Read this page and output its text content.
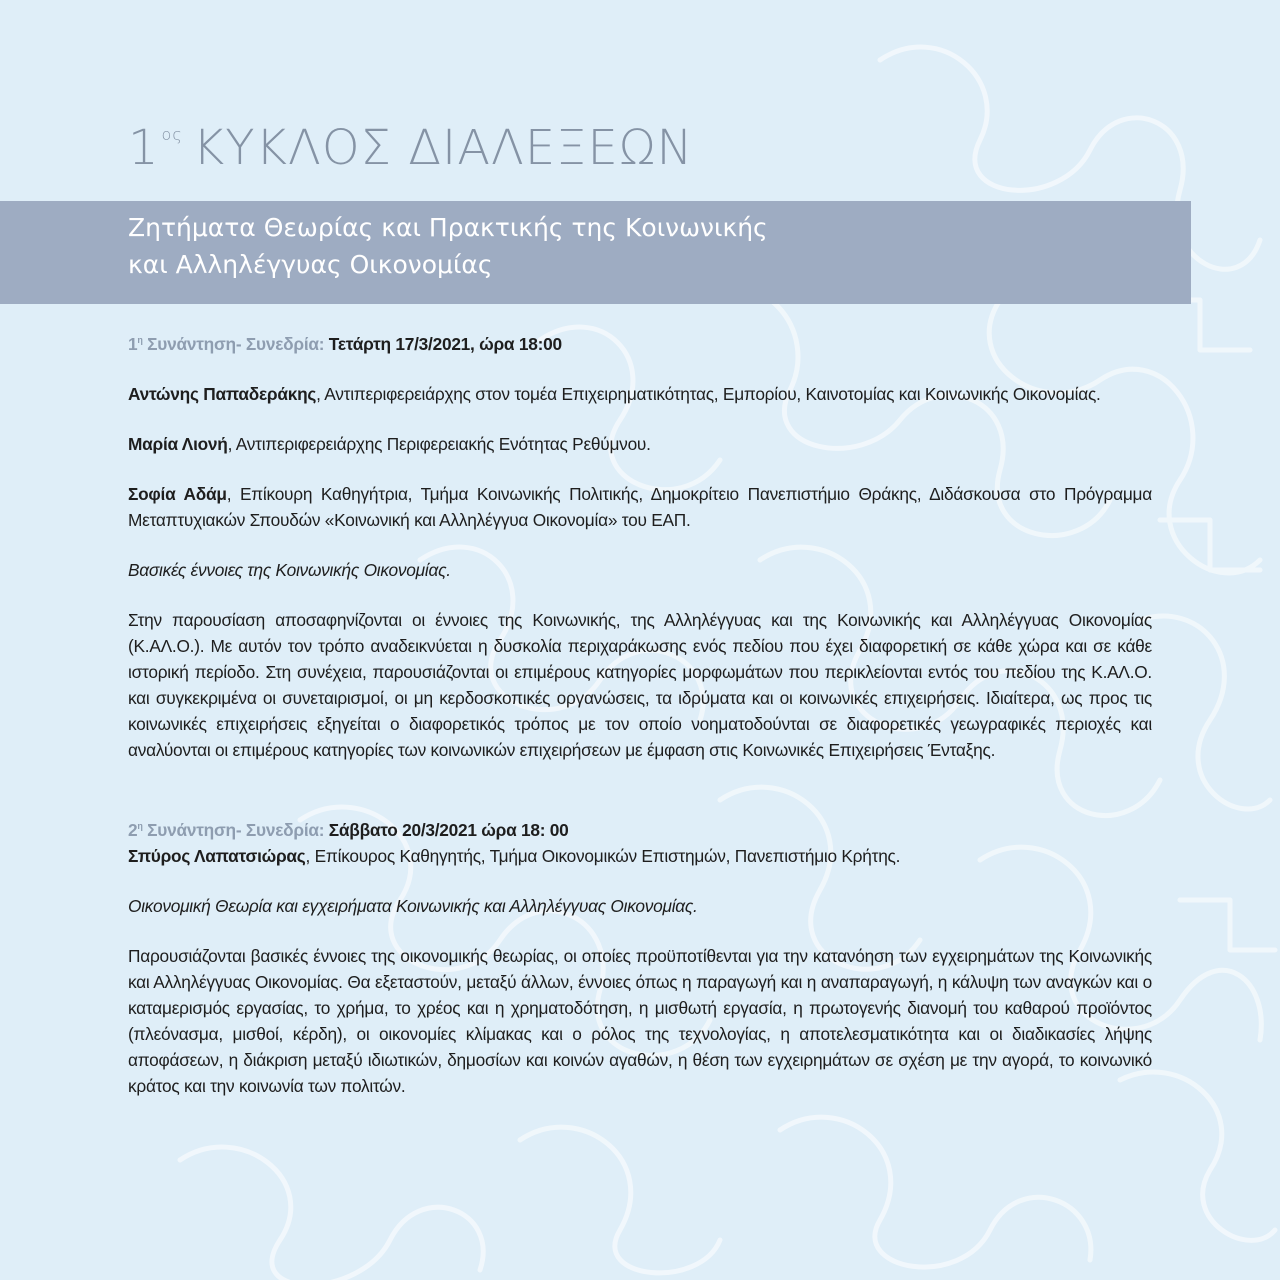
1 $^{o\varsigma}$ ΚΥΚΛΟΣ ΔΙΑΛΕΞΕΩΝ
Ζητήματα Θεωρίας και Πρακτικής της Κοινωνικής
και Αλληλέγγυας Οικονομίας

$1^\eta$ Συνάντηση- Συνεδρία: Τετάρτη 17/3/2021, ώρα 18:00

Αντώνης Παπαδεράκης, Αντιπεριφερειάρχης στον τομέα Επιχειρηματικότητας, Εμπορίου, Καινοτομίας και Κοινωνικής Οικονομίας.

Μαρία Λιονή, Αντιπεριφερειάρχης Περιφερειακής Ενότητας Ρεθύμνου.

Σοφία Αδάμ, Επίκουρη Καθηγήτρια, Τμήμα Κοινωνικής Πολιτικής, Δημοκρίτειο Πανεπιστήμιο Θράκης, Διδάσκουσα στο Πρόγραμμα Μεταπτυχιακών Σπουδών «Κοινωνική και Αλληλέγγυα Οικονομία» του ΕΑΠ.

Βασικές έννοιες της Κοινωνικής Οικονομίας.

Στην παρουσίαση αποσαφηνίζονται οι έννοιες της Κοινωνικής, της Αλληλέγγυας και της Κοινωνικής και Αλληλέγγυας Οικονομίας (Κ.ΑΛ.Ο.). Με αυτόν τον τρόπο αναδεικνύεται η δυσκολία περιχαράκωσης ενός πεδίου που έχει διαφορετική σε κάθε χώρα και σε κάθε ιστορική περίοδο. Στη συνέχεια, παρουσιάζονται οι επιμέρους κατηγορίες μορφωμάτων που περικλείονται εντός του πεδίου της Κ.ΑΛ.Ο. και συγκεκριμένα οι συνεταιρισμοί, οι μη κερδοσκοπικές οργανώσεις, τα ιδρύματα και οι κοινωνικές επιχειρήσεις. Ιδιαίτερα, ως προς τις κοινωνικές επιχειρήσεις εξηγείται ο διαφορετικός τρόπος με τον οποίο νοηματοδούνται σε διαφορετικές γεωγραφικές περιοχές και αναλύονται οι επιμέρους κατηγορίες των κοινωνικών επιχειρήσεων με έμφαση στις Κοινωνικές Επιχειρήσεις Ένταξης.

$2^\eta$ Συνάντηση- Συνεδρία: Σάββατο 20/3/2021 ώρα 18: 00

Σπύρος Λαπατσιώρας, Επίκουρος Καθηγητής, Τμήμα Οικονομικών Επιστημών, Πανεπιστήμιο Κρήτης.

Οικονομική Θεωρία και εγχειρήματα Κοινωνικής και Αλληλέγγυας Οικονομίας.

Παρουσιάζονται βασικές έννοιες της οικονομικής θεωρίας, οι οποίες προϋποτίθενται για την κατανόηση των εγχειρημάτων της Κοινωνικής και Αλληλέγγυας Οικονομίας. Θα εξεταστούν, μεταξύ άλλων, έννοιες όπως η παραγωγή και η αναπαραγωγή, η κάλυψη των αναγκών και ο καταμερισμός εργασίας, το χρήμα, το χρέος και η χρηματοδότηση, η μισθωτή εργασία, η πρωτογενής διανομή του καθαρού προϊόντος (πλεόνασμα, μισθοί, κέρδη), οι οικονομίες κλίμακας και ο ρόλος της τεχνολογίας, η αποτελεσματικότητα και οι διαδικασίες λήψης αποφάσεων, η διάκριση μεταξύ ιδιωτικών, δημοσίων και κοινών αγαθών, η θέση των εγχειρημάτων σε σχέση με την αγορά, το κοινωνικό κράτος και την κοινωνία των πολιτών.
